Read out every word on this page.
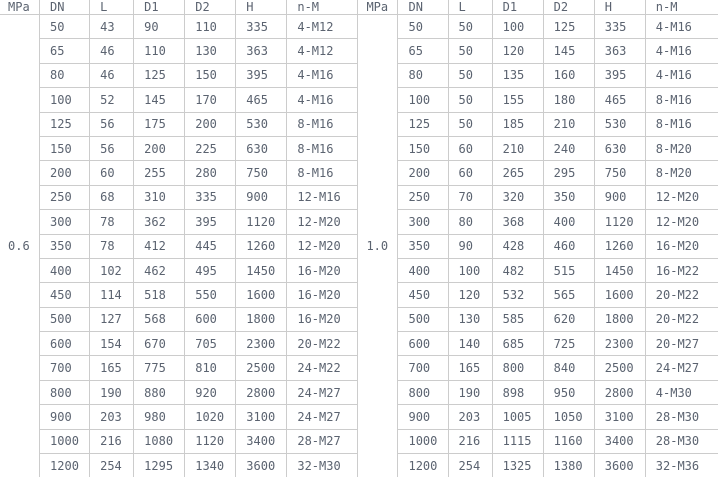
MPa	DN	L	D1	D2	H	n-M	MPa	DN	L	D1	D2	H	n-M
0.6	50	43	90	110	335	4-M12	1.0	50	50	100	125	335	4-M16
	65	46	110	130	363	4-M12		65	50	120	145	363	4-M16
	80	46	125	150	395	4-M16		80	50	135	160	395	4-M16
	100	52	145	170	465	4-M16		100	50	155	180	465	8-M16
	125	56	175	200	530	8-M16		125	50	185	210	530	8-M16
	150	56	200	225	630	8-M16		150	60	210	240	630	8-M20
	200	60	255	280	750	8-M16		200	60	265	295	750	8-M20
	250	68	310	335	900	12-M16		250	70	320	350	900	12-M20
	300	78	362	395	1120	12-M20		300	80	368	400	1120	12-M20
	350	78	412	445	1260	12-M20		350	90	428	460	1260	16-M20
	400	102	462	495	1450	16-M20		400	100	482	515	1450	16-M22
	450	114	518	550	1600	16-M20		450	120	532	565	1600	20-M22
	500	127	568	600	1800	16-M20		500	130	585	620	1800	20-M22
	600	154	670	705	2300	20-M22		600	140	685	725	2300	20-M27
	700	165	775	810	2500	24-M22		700	165	800	840	2500	24-M27
	800	190	880	920	2800	24-M27		800	190	898	950	2800	4-M30
	900	203	980	1020	3100	24-M27		900	203	1005	1050	3100	28-M30
	1000	216	1080	1120	3400	28-M27		1000	216	1115	1160	3400	28-M30
	1200	254	1295	1340	3600	32-M30		1200	254	1325	1380	3600	32-M36
